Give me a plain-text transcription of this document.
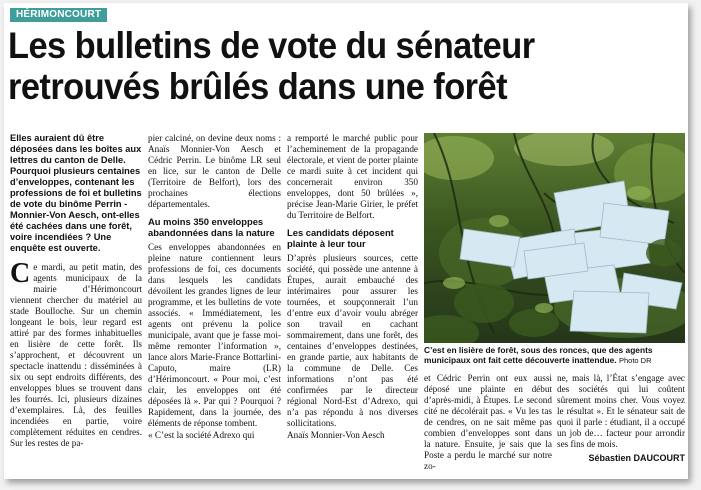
HÉRIMONCOURT
Les bulletins de vote du sénateur
retrouvés brûlés dans une forêt

Elles auraient dû être déposées dans les boîtes aux lettres du canton de Delle. Pourquoi plusieurs centaines d’enveloppes, contenant les professions de foi et bulletins de vote du binôme Perrin - Monnier-Von Aesch, ont-elles été cachées dans une forêt, voire incendiées ? Une enquête est ouverte.

Ce mardi, au petit matin, des agents municipaux de la mairie d’Hérimoncourt viennent chercher du matériel au stade Boulloche. Sur un chemin longeant le bois, leur regard est attiré par des formes inhabituelles en lisière de cette forêt. Ils s’approchent, et découvrent un spectacle inattendu : disséminées à six ou sept endroits différents, des enveloppes blues se trouvent dans les fourrés. Ici, plusieurs dizaines d’exemplaires. Là, des feuilles incendiées en partie, voire complètement réduites en cendres. Sur les restes de pa-

pier calciné, on devine deux noms : Anaïs Monnier-Von Aesch et Cédric Perrin. Le binôme LR seul en lice, sur le canton de Delle (Territoire de Belfort), lors des prochaines élections départementales.

Au moins 350 enveloppes abandonnées dans la nature

Ces enveloppes abandonnées en pleine nature contiennent leurs professions de foi, ces documents dans lesquels les candidats dévoilent les grandes lignes de leur programme, et les bulletins de vote associés. « Immédiatement, les agents ont prévenu la police municipale, avant que je fasse moi-même remonter l’information », lance alors Marie-France Bottarlini-Caputo, maire (LR) d’Hérimoncourt. « Pour moi, c’est clair, les enveloppes ont été déposées là ». Par qui ? Pourquoi ? Rapidement, dans la journée, des éléments de réponse tombent.

« C’est la société Adrexo qui

a remporté le marché public pour l’acheminement de la propagande électorale, et vient de porter plainte ce mardi suite à cet incident qui concernerait environ 350 enveloppes, dont 50 brûlées », précise Jean-Marie Girier, le préfet du Territoire de Belfort.

Les candidats déposent plainte à leur tour

D’après plusieurs sources, cette société, qui possède une antenne à Étupes, aurait embauché des intérimaires pour assurer les tournées, et soupçonnerait l’un d’entre eux d’avoir voulu abréger son travail en cachant sommairement, dans une forêt, des centaines d’enveloppes destinées, en grande partie, aux habitants de la commune de Delle. Ces informations n’ont pas été confirmées par le directeur régional Nord-Est d’Adrexo, qui n’a pas répondu à nos diverses sollicitations.

Anaïs Monnier-Von Aesch

C’est en lisière de forêt, sous des ronces, que des agents municipaux ont fait cette découverte inattendue. Photo DR

et Cédric Perrin ont eux aussi déposé une plainte en début d’après-midi, à Étupes. Le second cité ne décolérait pas. « Vu les tas de cendres, on ne sait même pas combien d’enveloppes sont dans la nature. Ensuite, je sais que la Poste a perdu le marché sur notre zo-

ne, mais là, l’État s’engage avec des sociétés qui lui coûtent sûrement moins cher. Vous voyez le résultat ». Et le sénateur sait de quoi il parle : étudiant, il a occupé un job de… facteur pour arrondir ses fins de mois.

Sébastien DAUCOURT
